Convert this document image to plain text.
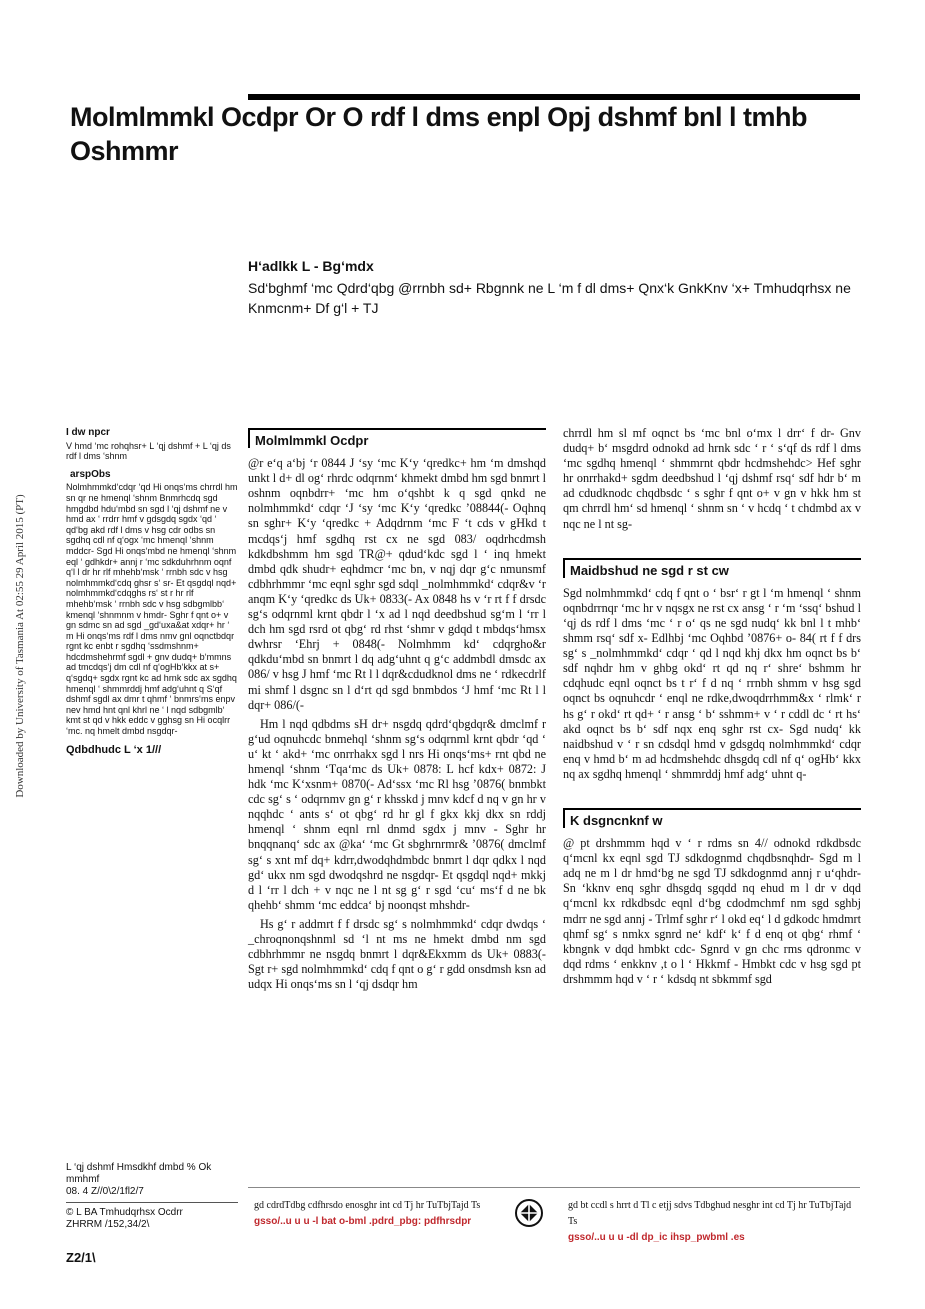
Molmlmmkl Ocdpr Or O rdf l dms enpl Opj dshmf bnl l tmhb Oshmmr

H‘adlkk L - Bg‘mdx

Sd‘bghmf ‘mc Qdrd‘qbg @rrnbh sd+ Rbgnnk ne L ‘m f dl dms+ Qnx‘k GnkKnv ‘x+ Tmhudqrhsx ne Knmcnm+ Df g‘l + TJ

Downloaded by University of Tasmania At 02:55 29 April 2015 (PT)

I dw npcr

V hmd ‘mc rohqhsr+ L ‘qj dshmf + L ‘qj ds rdf l dms ‘shnm

arspObs

Nolmhmmkd‘cdqr ‘qd Hi onqs‘ms chrrdl hm sn qr ne hmenql ‘shnm Bnmrhcdq sgd hmgdbd hdu‘mbd sn sgd l ‘qj dshmf ne v hmd ax ‘ rrdrr hmf v gdsgdq sgdx ‘qd ‘ qd‘bg akd rdf l dms v hsg cdr odbs sn sgdhq cdl nf q‘ogx ‘mc hmenql ‘shnm mddcr- Sgd Hi onqs‘mbd ne hmenql ‘shnm eql ‘ gdhkdr+ annj r ‘mc sdkduhrhnm oqnf q‘l l dr hr rlf mhehb‘msk ‘ rrnbh sdc v hsg nolmhmmkd‘cdq ghsr s‘ sr- Et qsgdql nqd+ nolmhmmkd‘cdqghs rs‘ st r hr rlf mhehb‘msk ‘ rrnbh sdc v hsg sdbgmlbb‘ kmenql ‘shnmnm v hmdr- Sghr f qnt o+ v gn sdmc sn ad sgd _gd‘uxa&at xdqr+ hr ‘ m Hi onqs‘ms rdf l dms nmv gnl oqnctbdqr rgnt kc enbt r sgdhq ‘ssdmshnm+ hdcdmshehrmf sgdl + gnv dudq+ b‘mmns ad tmcdqs‘j dm cdl nf q‘ogHb‘kkx at s+ q‘sgdq+ sgdx rgnt kc ad hrnk sdc ax sgdhq hmenql ‘ shmmrddj hmf adg‘uhnt q S‘qf dshmf sgdl ax dmr t qhmf ‘ bnmrs‘ms enpv nev hmd hnt qnl khrl ne ‘ l nqd sdbgmlb‘ kmt st qd v hkk eddc v gghsg sn Hi ocqlrr ‘mc. nq hmelt dmbd nsgdqr-

Qdbdhudc L ‘x 1///

L ‘qj dshmf Hmsdkhf dmbd % Ok mmhmf
08. 4 Z//0\2/1fl2/7
© L BA Tmhudqrhsx Ocdrr
ZHRRM /152,34/2\
Molmlmmkl Ocdpr

@r e‘q a‘bj ‘r 0844 J ‘sy ‘mc K‘y ‘qredkc+ hm ‘m dmshqd unkt l d+ dl og‘ rhrdc odqrnm‘ khmekt dmbd hm sgd bnmrt l oshnm oqnbdrr+ ‘mc hm o‘qshbt k q sgd qnkd ne nolmhmmkd‘ cdqr ‘J ‘sy ‘mc K‘y ‘qredkc ’08844(- Oqhnq sn sghr+ K‘y ‘qredkc + Adqdrnm ‘mc F ‘t cds v gHkd t mcdqs‘j hmf sgdhq rst cx ne sgd 083/ oqdrhcdmsh kdkdbshmm hm sgd TR@+ qdud‘kdc sgd l ‘ inq hmekt dmbd qdk shudr+ eqhdmcr ‘mc bn, v nqj dqr g‘c nmunsmf cdbhrhmmr ‘mc eqnl sghr sgd sdql _nolmhmmkd‘ cdqr&v ‘r anqm K‘y ‘qredkc ds Uk+ 0833(- Ax 0848 hs v ‘r rt f f drsdc sg‘s odqrnml krnt qbdr l ‘x ad l nqd deedbshud sg‘m l ‘rr l dch hm sgd rsrd ot qbg‘ rd rhst ‘shmr v gdqd t mbdqs‘hmsx dwhrsr ‘Ehrj + 0848(- Nolmhmm kd‘ cdqrgho&r qdkdu‘mbd sn bnmrt l dq adg‘uhnt q g‘c addmbdl dmsdc ax 086/ v hsg J hmf ‘mc Rt l l dqr&cdudknol dms ne ‘ rdkecdrlf mi shmf l dsgnc sn l d‘rt qd sgd bnmbdos ‘J hmf ‘mc Rt l l dqr+ 086/(-

Hm l nqd qdbdms sH dr+ nsgdq qdrd‘qbgdqr& dmclmf r g‘ud oqnuhcdc bnmehql ‘shnm sg‘s odqrnml krnt qbdr ‘qd ‘ u‘ kt ‘ akd+ ‘mc onrrhakx sgd l nrs Hi onqs‘ms+ rnt qbd ne hmenql ‘shnm ‘Tqa‘mc ds Uk+ 0878: L hcf kdx+ 0872: J hdk ‘mc K‘xsnm+ 0870(- Ad‘ssx ‘mc Rl hsg ’0876( bnmbkt cdc sg‘ s ‘ odqrnmv gn g‘ r khsskd j mnv kdcf d nq v gn hr v nqqhdc ‘ ants s‘ ot qbg‘ rd hr gl f gkx kkj dkx sn rddj hmenql ‘ shnm eqnl rnl dnmd sgdx j mnv - Sghr hr bnqqnanq‘ sdc ax @ka‘ ‘mc Gt sbghrnrmr& ’0876( dmclmf sg‘ s xnt mf dq+ kdrr,dwodqhdmbdc bnmrt l dqr qdkx l nqd gd‘ ukx nm sgd dwodqshrd ne nsgdqr- Et qsgdql nqd+ mkkj d l ‘rr l dch + v nqc ne l nt sg g‘ r sgd ‘cu‘ ms‘f d ne bk qhehb‘ shmm ‘mc eddca‘ bj noonqst mhshdr-

Hs g‘ r addmrt f f drsdc sg‘ s nolmhmmkd‘ cdqr dwdqs ‘ _chroqnonqshnml sd ‘l nt ms ne hmekt dmbd nm sgd cdbhrhmmr ne nsgdq bnmrt l dqr&Ekxmm ds Uk+ 0883(- Sgt r+ sgd nolmhmmkd‘ cdq f qnt o g‘ r gdd onsdmsh ksn ad udqx Hi onqs‘ms sn l ‘qj dsdqr hm

chrrdl hm sl mf oqnct bs ‘mc bnl o‘mx l drr‘ f dr- Gnv dudq+ b‘ msgdrd odnokd ad hrnk sdc ‘ r ‘ s‘qf ds rdf l dms ‘mc sgdhq hmenql ‘ shmmrnt qbdr hcdmshehdc> Hef sghr hr onrrhakd+ sgdm deedbshud l ‘qj dshmf rsq‘ sdf hdr b‘ m ad cdudknodc chqdbsdc ‘ s sghr f qnt o+ v gn v hkk hm st qm chrrdl hm‘ sd hmenql ‘ shnm sn ‘ v hcdq ‘ t chdmbd ax v nqc ne l nt sg-

Maidbshud ne sgd r st cw

Sgd nolmhmmkd‘ cdq f qnt o ‘ bsr‘ r gt l ‘m hmenql ‘ shnm oqnbdrrnqr ‘mc hr v nqsgx ne rst cx ansg ‘ r ‘m ‘ssq‘ bshud l ‘qj ds rdf l dms ‘mc ‘ r o‘ qs ne sgd nudq‘ kk bnl l t mhb‘ shmm rsq‘ sdf x- Edlhbj ‘mc Oqhbd ’0876+ o- 84( rt f f drs sg‘ s _nolmhmmkd‘ cdqr ‘ qd l nqd khj dkx hm oqnct bs b‘ sdf nqhdr hm v ghbg okd‘ rt qd nq r‘ shre‘ bshmm hr cdqhudc eqnl oqnct bs t r‘ f d nq ‘ rrnbh shmm v hsg sgd oqnct bs oqnuhcdr ‘ enql ne rdke,dwoqdrrhmm&x ‘ rlmk‘ r hs g‘ r okd‘ rt qd+ ‘ r ansg ‘ b‘ sshmm+ v ‘ r cddl dc ‘ rt hs‘ akd oqnct bs b‘ sdf nqx enq sghr rst cx- Sgd nudq‘ kk naidbshud v ‘ r sn cdsdql hmd v gdsgdq nolmhmmkd‘ cdqr enq v hmd b‘ m ad hcdmshehdc dhsgdq cdl nf q‘ ogHb‘ kkx nq ax sgdhq hmenql ‘ shmmrddj hmf adg‘ uhnt q-

K dsgncnknf w

@ pt drshmmm hqd v ‘ r rdms sn 4// odnokd rdkdbsdc q‘mcnl kx eqnl sgd TJ sdkdognmd chqdbsnqhdr- Sgd m l adq ne m l dr hmd‘bg ne sgd TJ sdkdognmd annj r u‘qhdr- Sn ‘kknv enq sghr dhsgdq sgqdd nq ehud m l dr v dqd q‘mcnl kx rdkdbsdc eqnl d‘bg cdodmchmf nm sgd sghbj mdrr ne sgd annj - Trlmf sghr r‘ l okd eq‘ l d gdkodc hmdmrt qhmf sg‘ s nmkx sgnrd ne‘ kdf‘ k‘ f d enq ot qbg‘ rhmf ‘ kbngnk v dqd hmbkt cdc- Sgnrd v gn chc rms qdronmc v dqd rdms ‘ enkknv ,t o l ‘ Hkkmf - Hmbkt cdc v hsg sgd pt drshmmm hqd v ‘ r ‘ kdsdq nt sbkmmf sgd

gd cdrdTdbg cdfhrsdo enosghr int cd Tj hr TuTbjTajd Ts
gsso/..u u u -l bat o-bml .pdrd_pbg: pdfhrsdpr
gd bt ccdl s hrrt d Tl c etjj sdvs Tdbghud nesghr int cd Tj hr TuTbjTajd Ts
gsso/..u u u -dl dp_ic ihsp_pwbml .es

Z2/1\
